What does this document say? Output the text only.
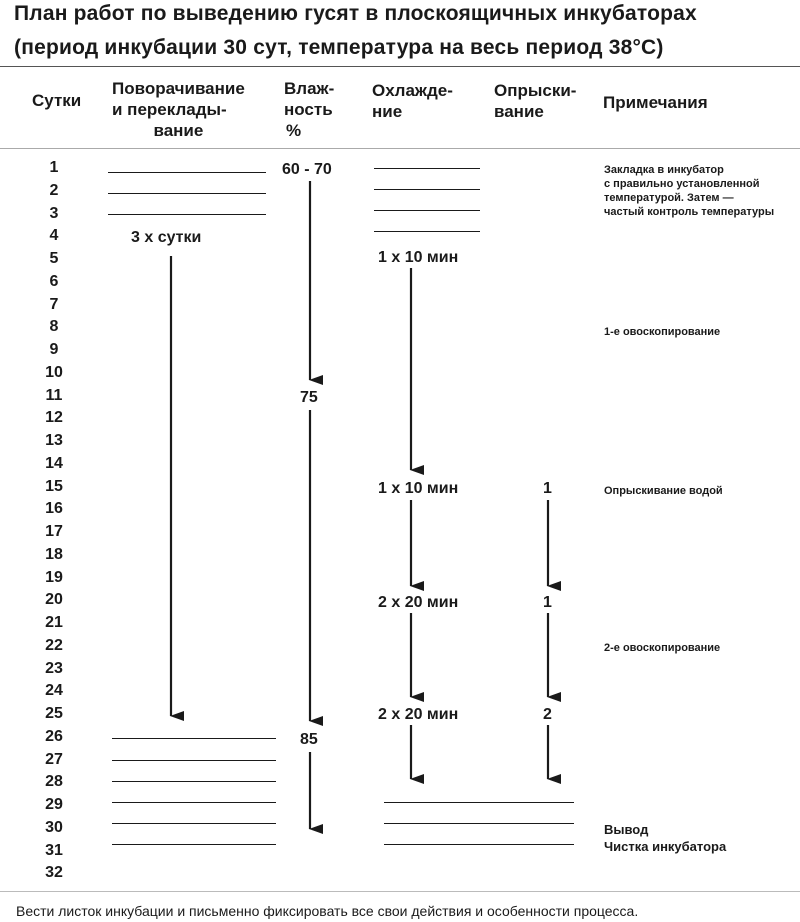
План работ по выведению гусят в плоскоящичных инкубаторах
(период инкубации 30 сут, температура на весь период 38°С)
Сутки
Поворачивание
и переклады-
вание
Влаж-
ность
%
Охлажде-
ние
Опрыски-
вание	Примечания
1
2
3
4
5
6
7
8
9
10
11
12
13
14
15
16
17
18
19
20
21
22
23
24
25
26
27
28
29
30
31
32
3 х сутки
60 - 70
75
85
1 х 10 мин
1 х 10 мин
2 х 20 мин
2 х 20 мин
1
1
2
Закладка в инкубатор
с правильно установленной
температурой. Затем —
частый контроль температуры
1-е овоскопирование
Опрыскивание водой
2-е овоскопирование
Вывод
Чистка инкубатора
Вести листок инкубации и письменно фиксировать все свои действия и особенности процесса.
